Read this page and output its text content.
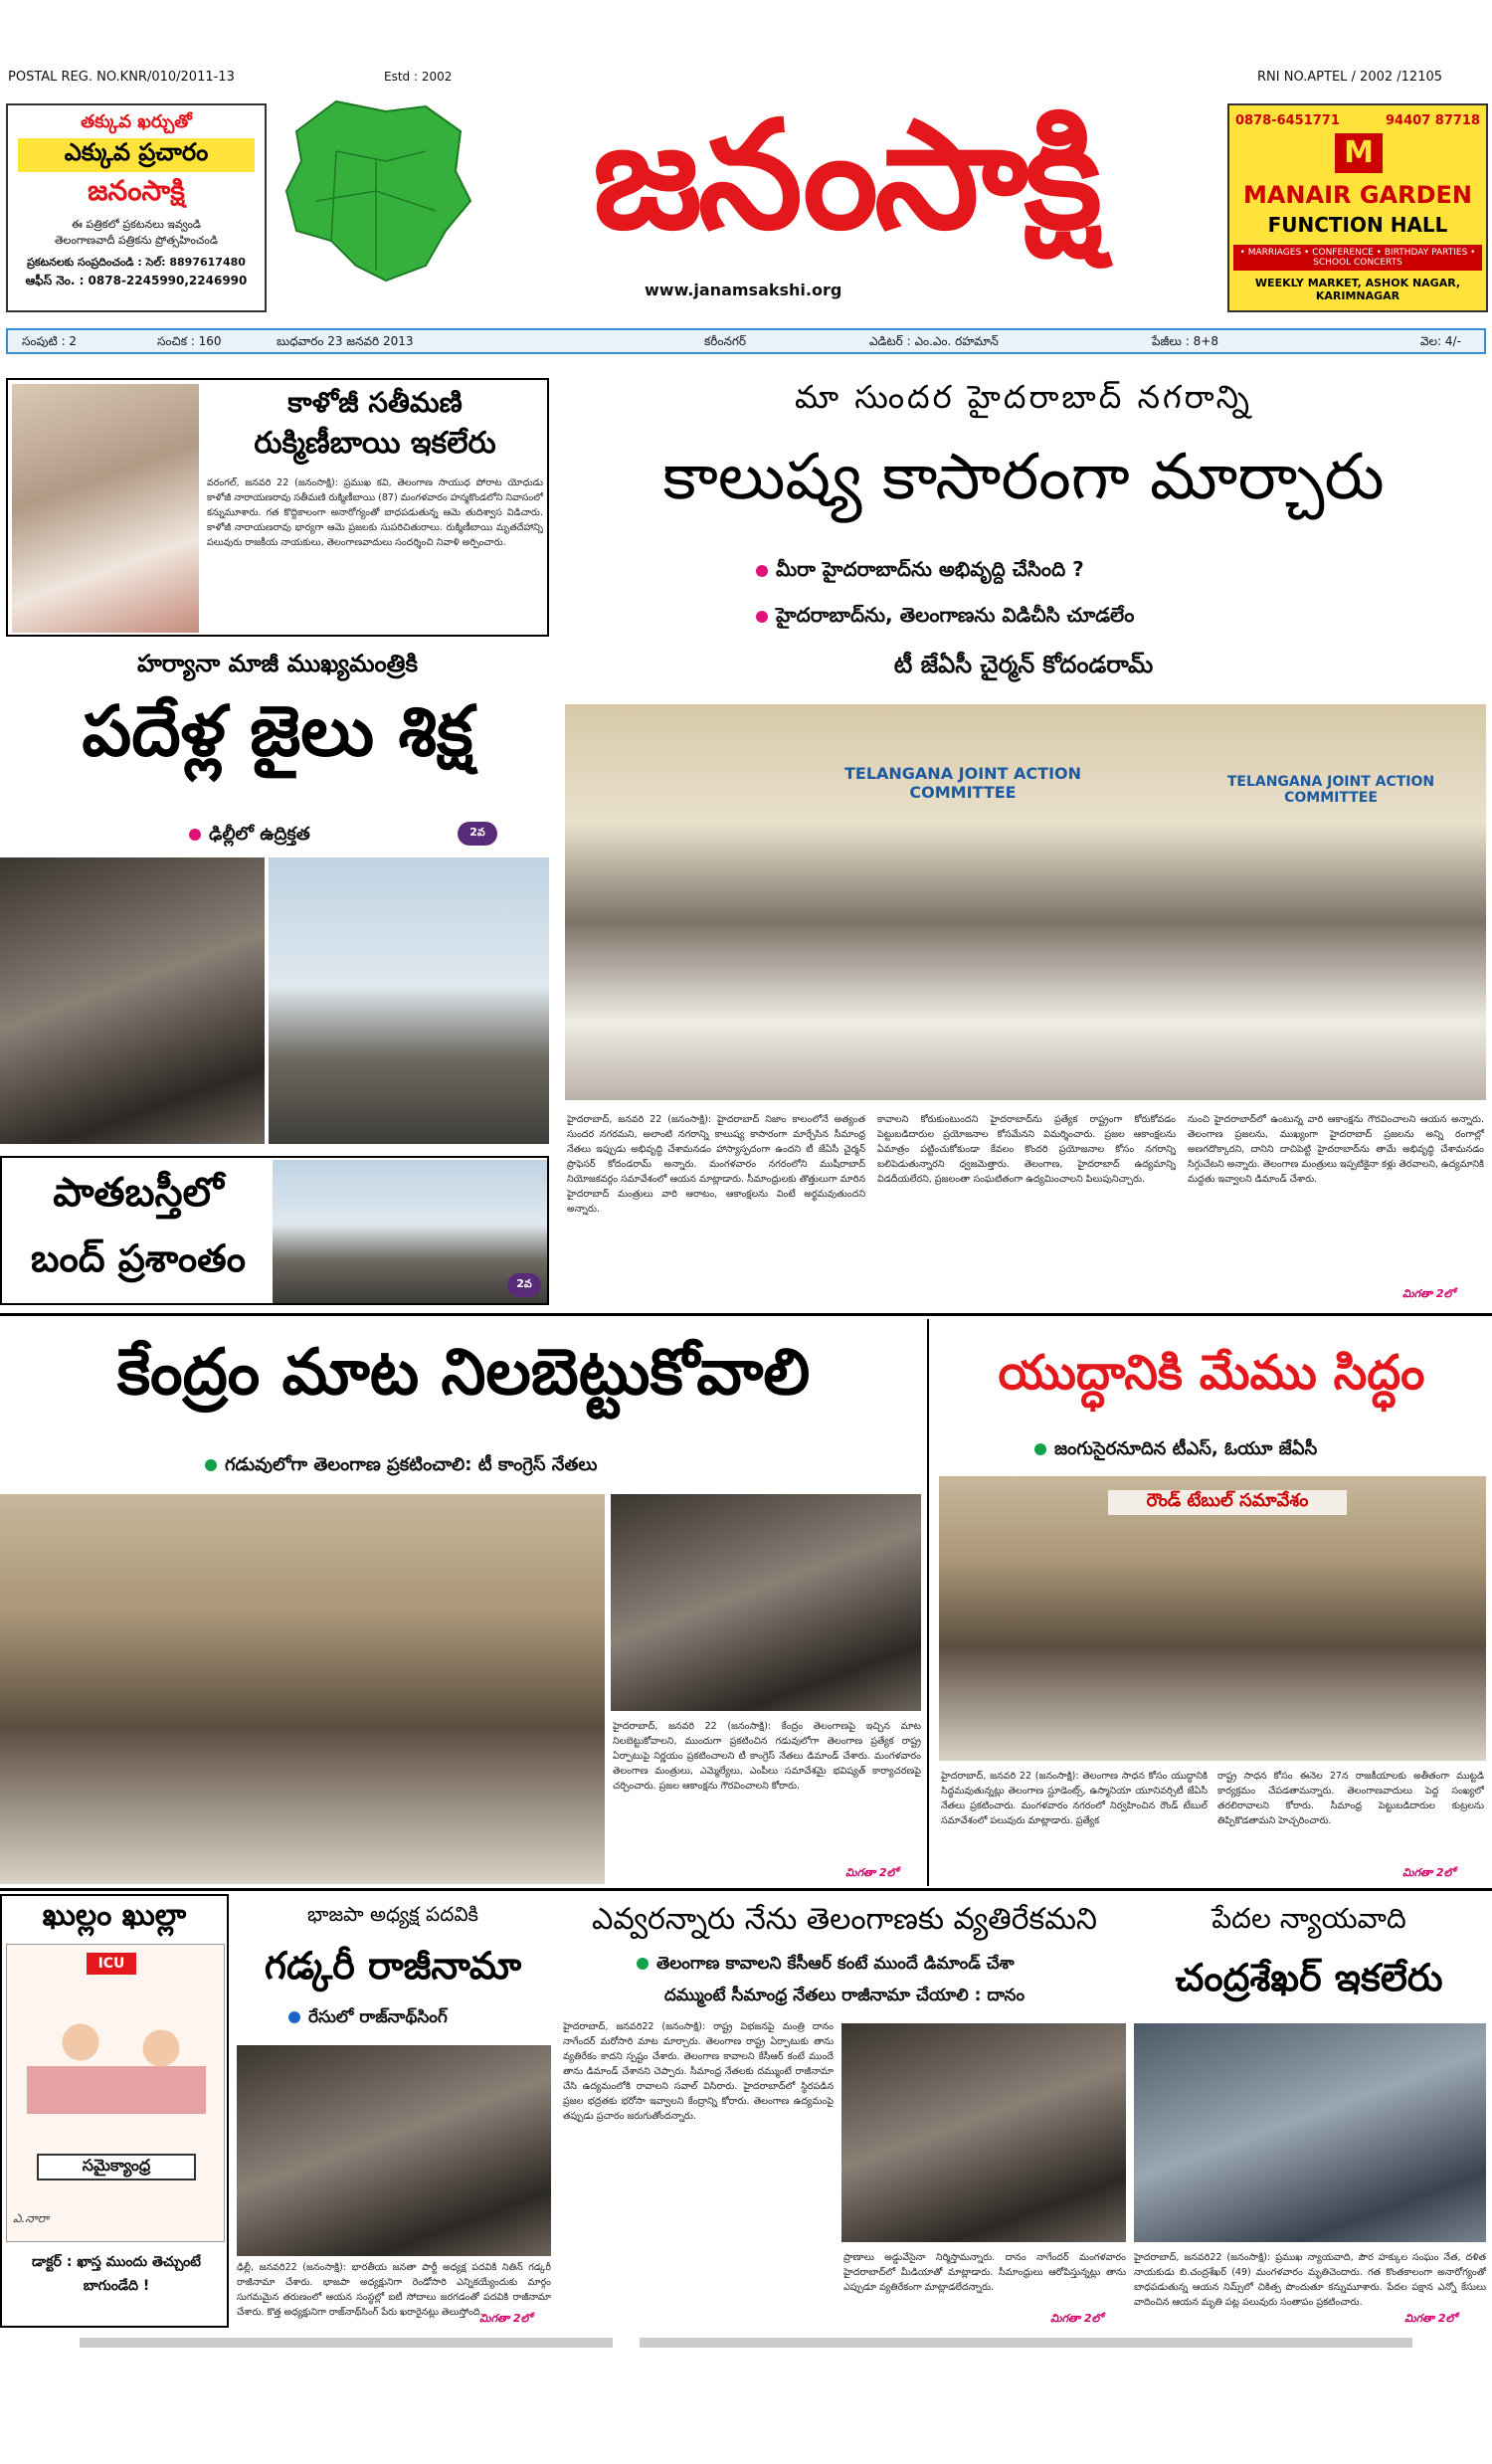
POSTAL REG. NO.KNR/010/2011-13	Estd : 2002	RNI NO.APTEL / 2002 /12105
తక్కువ ఖర్చుతో
ఎక్కువ ప్రచారం
జనంసాక్షి
ఈ పత్రికలో ప్రకటనలు ఇవ్వండి
తెలంగాణవాదీ పత్రికను ప్రోత్సహించండి
ప్రకటనలకు సంప్రదించండి : సెల్: 8897617480
ఆఫీస్ నెం. : 0878-2245990,2246990
జనంసాక్షి
www.janamsakshi.org
0878-6451771	94407 87718
M
MANAIR GARDEN
FUNCTION HALL
• MARRIAGES • CONFERENCE • BIRTHDAY PARTIES • SCHOOL CONCERTS
WEEKLY MARKET, ASHOK NAGAR, KARIMNAGAR
సంపుటి : 2	సంచిక : 160	బుధవారం 23 జనవరి 2013	కరీంనగర్	ఎడిటర్ : ఎం.ఎం. రహమాన్	పేజీలు : 8+8	వెల: 4/-
కాళోజీ సతీమణి
రుక్మిణీబాయి ఇకలేరు
వరంగల్, జనవరి 22 (జనంసాక్షి): ప్రముఖ కవి, తెలంగాణ సాయుధ పోరాట యోధుడు కాళోజీ నారాయణరావు సతీమణి రుక్మిణీబాయి (87) మంగళవారం హన్మకొండలోని నివాసంలో కన్నుమూశారు. గత కొద్దికాలంగా అనారోగ్యంతో బాధపడుతున్న ఆమె తుదిశ్వాస విడిచారు. కాళోజీ నారాయణరావు భార్యగా ఆమె ప్రజలకు సుపరిచితురాలు. రుక్మిణీబాయి మృతదేహాన్ని పలువురు రాజకీయ నాయకులు, తెలంగాణవాదులు సందర్శించి నివాళి అర్పించారు.
హర్యానా మాజీ ముఖ్యమంత్రికి
పదేళ్ల జైలు శిక్ష
ఢిల్లీలో ఉద్రిక్తత	2వ
పాతబస్తీలో
బంద్ ప్రశాంతం
2వ
మా సుందర హైదరాబాద్ నగరాన్ని
కాలుష్య కాసారంగా మార్చారు
మీరా హైదరాబాద్‌ను అభివృద్ది చేసింది ?
హైదరాబాద్‌ను, తెలంగాణను విడిచీసి చూడలేం
టీ జేఏసీ చైర్మన్ కోదండరామ్
TELANGANA JOINT ACTION COMMITTEE
TELANGANA JOINT ACTION COMMITTEE
హైదరాబాద్, జనవరి 22 (జనంసాక్షి): హైదరాబాద్ నిజాం కాలంలోనే అత్యంత సుందర నగరమని, అలాంటి నగరాన్ని కాలుష్య కాసారంగా మార్చేసిన సీమాంధ్ర నేతలు ఇప్పుడు అభివృద్ధి చేశామనడం హాస్యాస్పదంగా ఉందని టీ జేఏసీ చైర్మన్ ప్రొఫెసర్ కోదండరామ్ అన్నారు. మంగళవారం నగరంలోని ముషీరాబాద్ నియోజకవర్గం సమావేశంలో ఆయన మాట్లాడారు. సీమాంధ్రులకు తొత్తులుగా మారిన హైదరాబాద్ మంత్రులు వారి ఆరాటం, ఆకాంక్షలను వింటే అర్థమవుతుందని అన్నారు.
కావాలని కోరుకుంటుందని హైదరాబాద్‌ను ప్రత్యేక రాష్ట్రంగా కోరుకోవడం పెట్టుబడిదారుల ప్రయోజనాల కోసమేనని విమర్శించారు. ప్రజల ఆకాంక్షలను ఏమాత్రం పట్టించుకోకుండా కేవలం కొందరి ప్రయోజనాల కోసం నగరాన్ని బలిపెడుతున్నారని ధ్వజమెత్తారు. తెలంగాణ, హైదరాబాద్ ఉద్యమాన్ని విడదీయలేరని, ప్రజలంతా సంఘటితంగా ఉద్యమించాలని పిలుపునిచ్చారు.
నుంచి హైదరాబాద్‌లో ఉంటున్న వారి ఆకాంక్షను గౌరవించాలని ఆయన అన్నారు. తెలంగాణ ప్రజలను, ముఖ్యంగా హైదరాబాద్ ప్రజలను అన్ని రంగాల్లో అణగదొక్కారని, దానిని దాచిపెట్టి హైదరాబాద్‌ను తామే అభివృద్ధి చేశామనడం సిగ్గుచేటని అన్నారు. తెలంగాణ మంత్రులు ఇప్పటికైనా కళ్లు తెరవాలని, ఉద్యమానికి మద్దతు ఇవ్వాలని డిమాండ్ చేశారు.
మిగతా 2లో
కేంద్రం మాట నిలబెట్టుకోవాలి
గడువులోగా తెలంగాణ ప్రకటించాలి: టీ కాంగ్రెస్ నేతలు
హైదరాబాద్, జనవరి 22 (జనంసాక్షి): కేంద్రం తెలంగాణపై ఇచ్చిన మాట నిలబెట్టుకోవాలని, ముందుగా ప్రకటించిన గడువులోగా తెలంగాణ ప్రత్యేక రాష్ట్ర ఏర్పాటుపై నిర్ణయం ప్రకటించాలని టీ కాంగ్రెస్ నేతలు డిమాండ్ చేశారు. మంగళవారం తెలంగాణ మంత్రులు, ఎమ్మెల్యేలు, ఎంపీలు సమావేశమై భవిష్యత్ కార్యాచరణపై చర్చించారు. ప్రజల ఆకాంక్షను గౌరవించాలని కోరారు.
మిగతా 2లో
యుద్ధానికి మేము సిద్ధం
జంగుసైరనూదిన టీఎస్, ఓయూ జేఏసీ
రౌండ్ టేబుల్ సమావేశం
హైదరాబాద్, జనవరి 22 (జనంసాక్షి): తెలంగాణ సాధన కోసం యుద్ధానికి సిద్ధమవుతున్నట్లు తెలంగాణ స్టూడెంట్స్, ఉస్మానియా యూనివర్సిటీ జేఏసీ నేతలు ప్రకటించారు. మంగళవారం నగరంలో నిర్వహించిన రౌండ్ టేబుల్ సమావేశంలో పలువురు మాట్లాడారు. ప్రత్యేక
రాష్ట్ర సాధన కోసం ఈనెల 27న రాజకీయాలకు అతీతంగా ముట్టడి కార్యక్రమం చేపడతామన్నారు. తెలంగాణవాదులు పెద్ద సంఖ్యలో తరలిరావాలని కోరారు. సీమాంధ్ర పెట్టుబడిదారుల కుట్రలను తిప్పికొడతామని హెచ్చరించారు.
మిగతా 2లో
ఖుల్లం ఖుల్లా
ICU
సమైక్యాంధ్ర
ఎ.నారా
డాక్టర్ : ఖాస్త ముందు తెచ్చుంటే బాగుండేది !
భాజపా అధ్యక్ష పదవికి
గడ్కరీ రాజీనామా
రేసులో రాజ్‌నాథ్‌సింగ్
ఢిల్లీ, జనవరి22 (జనంసాక్షి): భారతీయ జనతా పార్టీ అధ్యక్ష పదవికి నితిన్ గడ్కరీ రాజీనామా చేశారు. భాజపా అధ్యక్షునిగా రెండోసారి ఎన్నికయ్యేందుకు మార్గం సుగమమైన తరుణంలో ఆయన సంస్థల్లో ఐటీ సోదాలు జరగడంతో పదవికి రాజీనామా చేశారు. కొత్త అధ్యక్షునిగా రాజ్‌నాథ్‌సింగ్ పేరు ఖరారైనట్లు తెలుస్తోంది.
మిగతా 2లో
ఎవ్వరన్నారు నేను తెలంగాణకు వ్యతిరేకమని
తెలంగాణ కావాలని కేసీఆర్ కంటే ముందే డిమాండ్ చేశా
దమ్ముంటే సీమాంధ్ర నేతలు రాజీనామా చేయాలి : దానం
హైదరాబాద్, జనవరి22 (జనంసాక్షి): రాష్ట్ర విభజనపై మంత్రి దానం నాగేందర్ మరోసారి మాట మార్చారు. తెలంగాణ రాష్ట్ర ఏర్పాటుకు తాను వ్యతిరేకం కాదని స్పష్టం చేశారు. తెలంగాణ కావాలని కేసీఆర్ కంటే ముందే తాను డిమాండ్ చేశానని చెప్పారు. సీమాంధ్ర నేతలకు దమ్ముంటే రాజీనామా చేసి ఉద్యమంలోకి రావాలని సవాల్ విసిరారు. హైదరాబాద్‌లో స్థిరపడిన ప్రజల భద్రతకు భరోసా ఇవ్వాలని కేంద్రాన్ని కోరారు. తెలంగాణ ఉద్యమంపై తప్పుడు ప్రచారం జరుగుతోందన్నారు.
ప్రాణాలు అడ్డువేసైనా నిర్మిస్తామన్నారు. దానం నాగేందర్ మంగళవారం హైదరాబాద్‌లో మీడియాతో మాట్లాడారు. సీమాంధ్రులు ఆరోపిస్తున్నట్లు తాను ఎప్పుడూ వ్యతిరేకంగా మాట్లాడలేదన్నారు.
మిగతా 2లో
పేదల న్యాయవాది
చంద్రశేఖర్ ఇకలేరు
హైదరాబాద్, జనవరి22 (జనంసాక్షి): ప్రముఖ న్యాయవాది, పౌర హక్కుల సంఘం నేత, దళిత నాయకుడు బి.చంద్రశేఖర్ (49) మంగళవారం మృతిచెందారు. గత కొంతకాలంగా అనారోగ్యంతో బాధపడుతున్న ఆయన నిమ్స్‌లో చికిత్స పొందుతూ కన్నుమూశారు. పేదల పక్షాన ఎన్నో కేసులు వాదించిన ఆయన మృతి పట్ల పలువురు సంతాపం ప్రకటించారు.
మిగతా 2లో
